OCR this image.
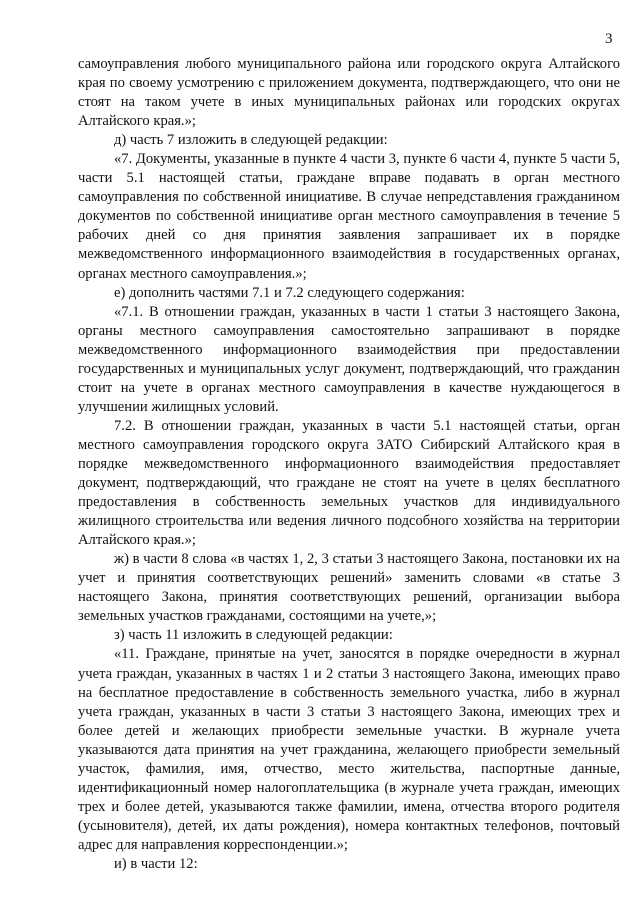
3

самоуправления любого муниципального района или городского округа Алтайского края по своему усмотрению с приложением документа, подтверждающего, что они не стоят на таком учете в иных муниципальных районах или городских округах Алтайского края.»;

д) часть 7 изложить в следующей редакции:

«7. Документы, указанные в пункте 4 части 3, пункте 6 части 4, пункте 5 части 5, части 5.1 настоящей статьи, граждане вправе подавать в орган местного самоуправления по собственной инициативе. В случае непредставления гражданином документов по собственной инициативе орган местного самоуправления в течение 5 рабочих дней со дня принятия заявления запрашивает их в порядке межведомственного информационного взаимодействия в государственных органах, органах местного самоуправления.»;

е) дополнить частями 7.1 и 7.2 следующего содержания:

«7.1. В отношении граждан, указанных в части 1 статьи 3 настоящего Закона, органы местного самоуправления самостоятельно запрашивают в порядке межведомственного информационного взаимодействия при предоставлении государственных и муниципальных услуг документ, подтверждающий, что гражданин стоит на учете в органах местного самоуправления в качестве нуждающегося в улучшении жилищных условий.

7.2. В отношении граждан, указанных в части 5.1 настоящей статьи, орган местного самоуправления городского округа ЗАТО Сибирский Алтайского края в порядке межведомственного информационного взаимодействия предоставляет документ, подтверждающий, что граждане не стоят на учете в целях бесплатного предоставления в собственность земельных участков для индивидуального жилищного строительства или ведения личного подсобного хозяйства на территории Алтайского края.»;

ж) в части 8 слова «в частях 1, 2, 3 статьи 3 настоящего Закона, постановки их на учет и принятия соответствующих решений» заменить словами «в статье 3 настоящего Закона, принятия соответствующих решений, организации выбора земельных участков гражданами, состоящими на учете,»;

з) часть 11 изложить в следующей редакции:

«11. Граждане, принятые на учет, заносятся в порядке очередности в журнал учета граждан, указанных в частях 1 и 2 статьи 3 настоящего Закона, имеющих право на бесплатное предоставление в собственность земельного участка, либо в журнал учета граждан, указанных в части 3 статьи 3 настоящего Закона, имеющих трех и более детей и желающих приобрести земельные участки. В журнале учета указываются дата принятия на учет гражданина, желающего приобрести земельный участок, фамилия, имя, отчество, место жительства, паспортные данные, идентификационный номер налогоплательщика (в журнале учета граждан, имеющих трех и более детей, указываются также фамилии, имена, отчества второго родителя (усыновителя), детей, их даты рождения), номера контактных телефонов, почтовый адрес для направления корреспонденции.»;

и) в части 12:
